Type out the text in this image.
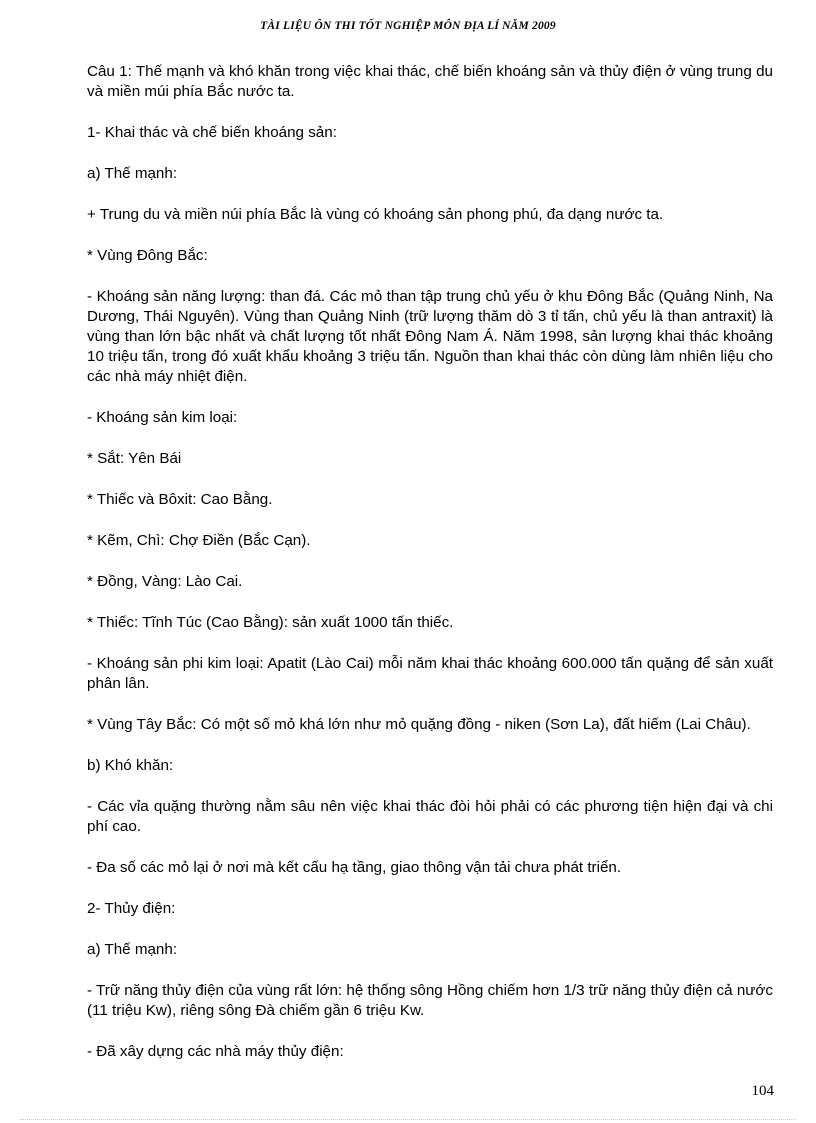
TÀI LIỆU ÔN THI TỐT NGHIỆP MÔN ĐỊA LÍ NĂM 2009

Câu 1: Thế mạnh và khó khăn trong việc khai thác, chế biến khoáng sản và thủy điện ở vùng trung du và miền múi phía Bắc nước ta.

1- Khai thác và chế biến khoáng sản:

a) Thế mạnh:

+ Trung du và miền núi phía Bắc là vùng có khoáng sản phong phú, đa dạng nước ta.

* Vùng Đông Bắc:

- Khoáng sản năng lượng: than đá. Các mỏ than tập trung chủ yếu ở khu Đông Bắc (Quảng Ninh, Na Dương, Thái Nguyên). Vùng than Quảng Ninh (trữ lượng thăm dò 3 tỉ tấn, chủ yếu là than antraxit) là vùng than lớn bậc nhất và chất lượng tốt nhất Đông Nam Á. Năm 1998, sản lượng khai thác khoảng 10 triệu tấn, trong đó xuất khẩu khoảng 3 triệu tấn. Nguồn than khai thác còn dùng làm nhiên liệu cho các nhà máy nhiệt điện.

- Khoáng sản kim loại:

* Sắt: Yên Bái

* Thiếc và Bôxit: Cao Bằng.

* Kẽm, Chì: Chợ Điền (Bắc Cạn).

* Đồng, Vàng: Lào Cai.

* Thiếc: Tĩnh Túc (Cao Bằng): sản xuất 1000 tấn thiếc.

- Khoáng sản phi kim loại: Apatit (Lào Cai) mỗi năm khai thác khoảng 600.000 tấn quặng để sản xuất phân lân.

* Vùng Tây Bắc: Có một số mỏ khá lớn như mỏ quặng đồng - niken (Sơn La), đất hiếm (Lai Châu).

b) Khó khăn:

- Các vỉa quặng thường nằm sâu nên việc khai thác đòi hỏi phải có các phương tiện hiện đại và chi phí cao.

- Đa số các mỏ lại ở nơi mà kết cấu hạ tầng, giao thông vận tải chưa phát triển.

2- Thủy điện:

a) Thế mạnh:

- Trữ năng thủy điện của vùng rất lớn: hệ thống sông Hồng chiếm hơn 1/3 trữ năng thủy điện cả nước (11 triệu Kw), riêng sông Đà chiếm gần 6 triệu Kw.

- Đã xây dựng các nhà máy thủy điện:

104
